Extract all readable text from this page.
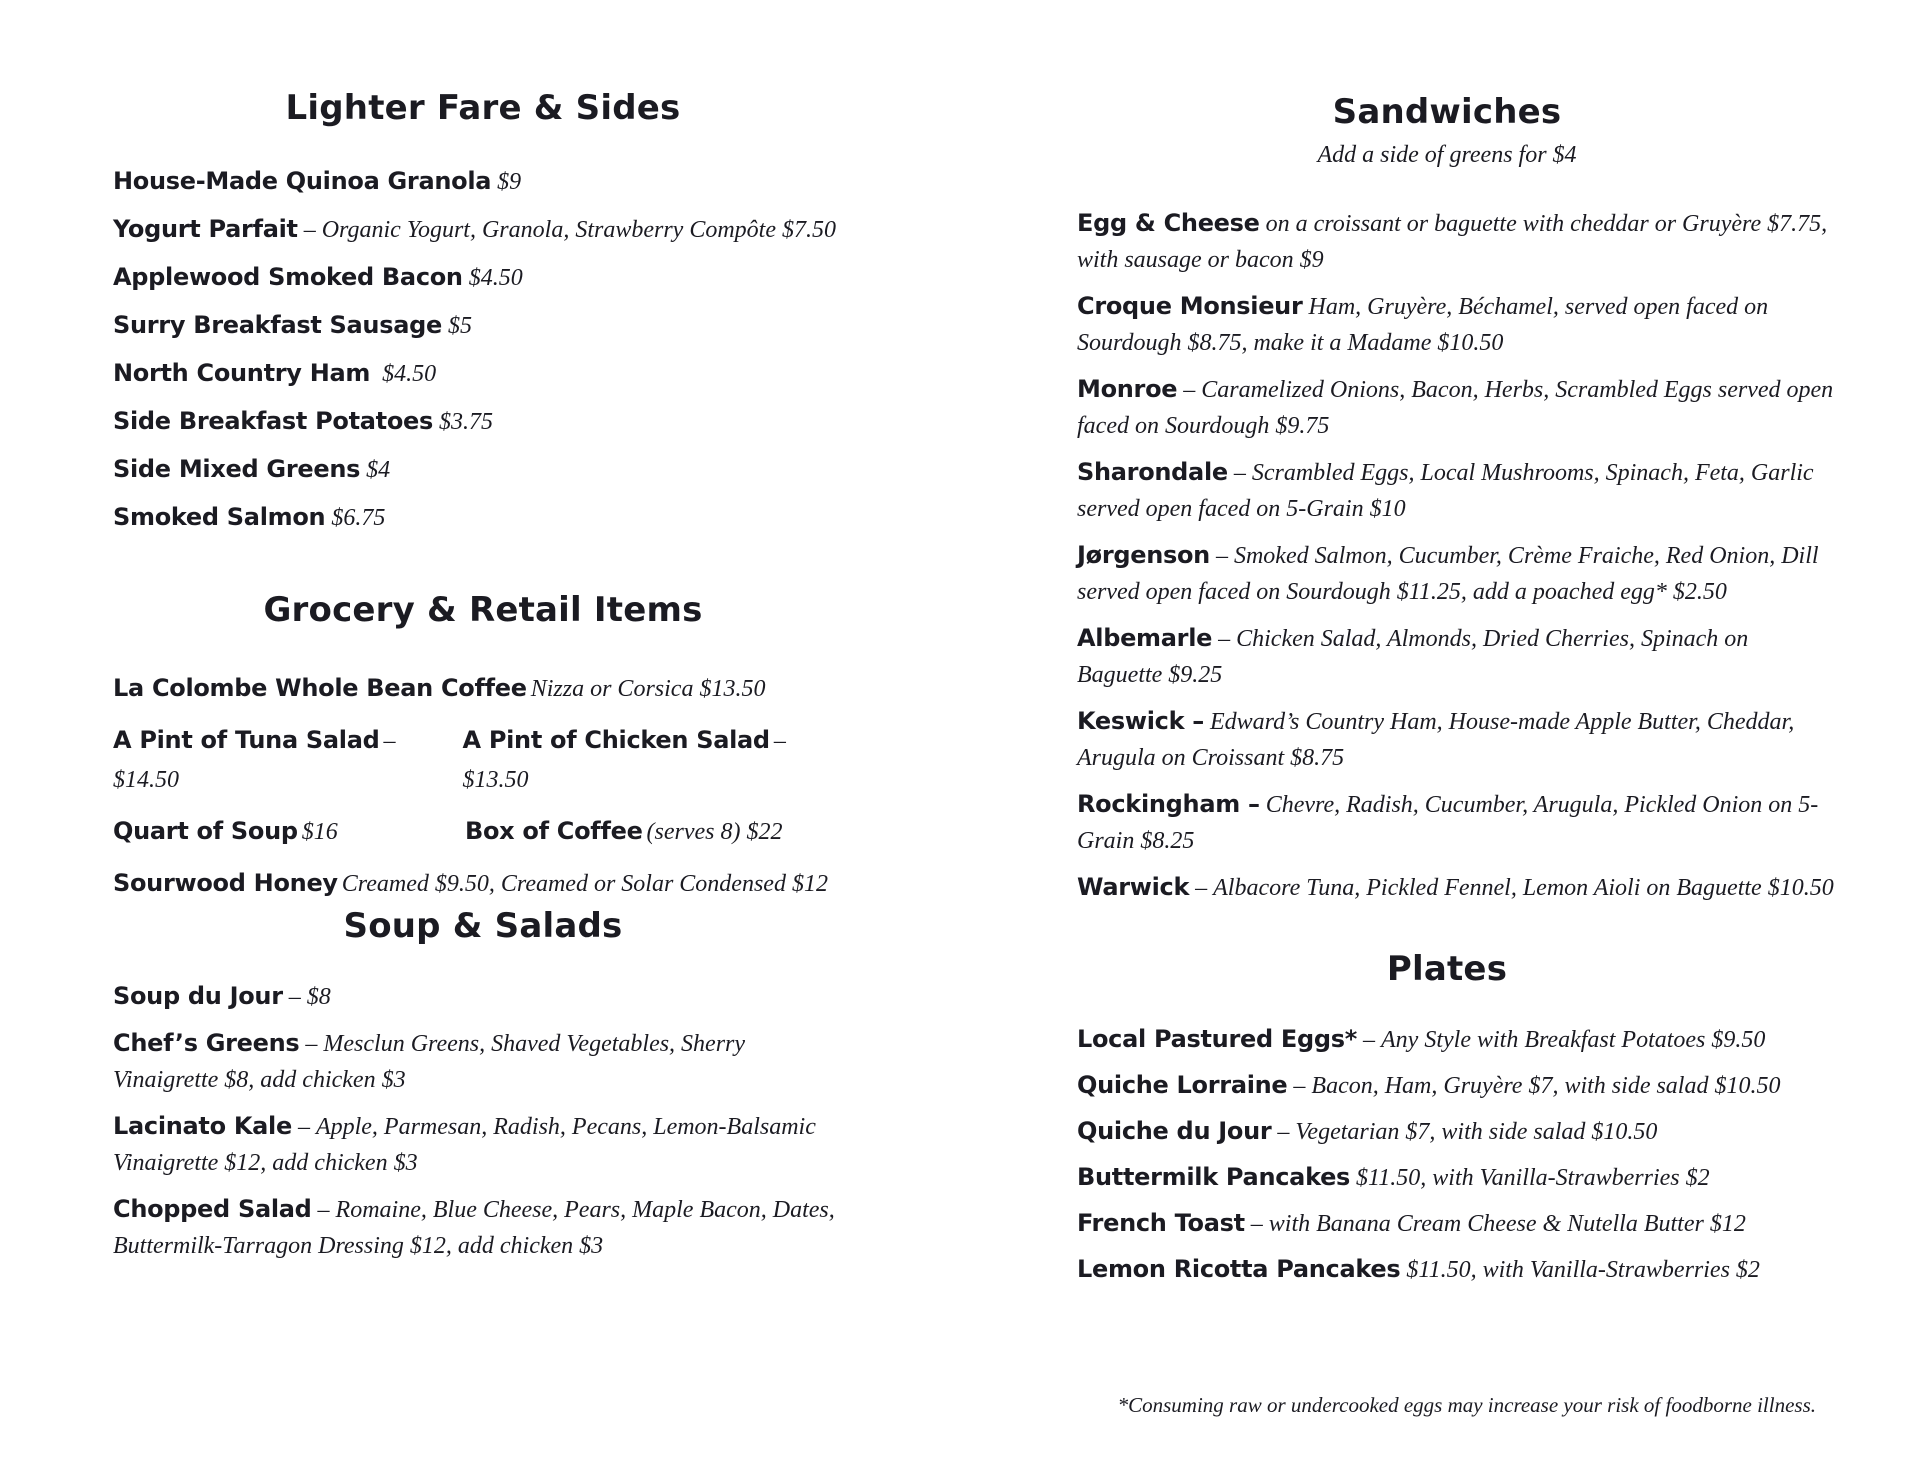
Lighter Fare & Sides

House-Made Quinoa Granola $9

Yogurt Parfait – Organic Yogurt, Granola, Strawberry Compôte $7.50

Applewood Smoked Bacon $4.50

Surry Breakfast Sausage $5

North Country Ham $4.50

Side Breakfast Potatoes $3.75

Side Mixed Greens $4

Smoked Salmon $6.75

Grocery & Retail Items
La Colombe Whole Bean Coffee Nizza or Corsica $13.50
A Pint of Tuna Salad – $14.50
A Pint of Chicken Salad – $13.50
Quart of Soup $16	Box of Coffee (serves 8) $22
Sourwood Honey Creamed $9.50, Creamed or Solar Condensed $12
Soup & Salads

Soup du Jour – $8

Chef’s Greens – Mesclun Greens, Shaved Vegetables, Sherry Vinaigrette $8, add chicken $3

Lacinato Kale – Apple, Parmesan, Radish, Pecans, Lemon-Balsamic Vinaigrette $12, add chicken $3

Chopped Salad – Romaine, Blue Cheese, Pears, Maple Bacon, Dates, Buttermilk-Tarragon Dressing $12, add chicken $3

Sandwiches
Add a side of greens for $4

Egg & Cheese on a croissant or baguette with cheddar or Gruyère $7.75, with sausage or bacon $9

Croque Monsieur Ham, Gruyère, Béchamel, served open faced on Sourdough $8.75, make it a Madame $10.50

Monroe – Caramelized Onions, Bacon, Herbs, Scrambled Eggs served open faced on Sourdough $9.75

Sharondale – Scrambled Eggs, Local Mushrooms, Spinach, Feta, Garlic served open faced on 5-Grain $10

Jørgenson – Smoked Salmon, Cucumber, Crème Fraiche, Red Onion, Dill served open faced on Sourdough $11.25, add a poached egg* $2.50

Albemarle – Chicken Salad, Almonds, Dried Cherries, Spinach on Baguette $9.25

Keswick – Edward’s Country Ham, House-made Apple Butter, Cheddar, Arugula on Croissant $8.75

Rockingham – Chevre, Radish, Cucumber, Arugula, Pickled Onion on 5-Grain $8.25

Warwick – Albacore Tuna, Pickled Fennel, Lemon Aioli on Baguette $10.50

Plates

Local Pastured Eggs* – Any Style with Breakfast Potatoes $9.50

Quiche Lorraine – Bacon, Ham, Gruyère $7, with side salad $10.50

Quiche du Jour – Vegetarian $7, with side salad $10.50

Buttermilk Pancakes $11.50, with Vanilla-Strawberries $2

French Toast – with Banana Cream Cheese & Nutella Butter $12

Lemon Ricotta Pancakes $11.50, with Vanilla-Strawberries $2

*Consuming raw or undercooked eggs may increase your risk of foodborne illness.
